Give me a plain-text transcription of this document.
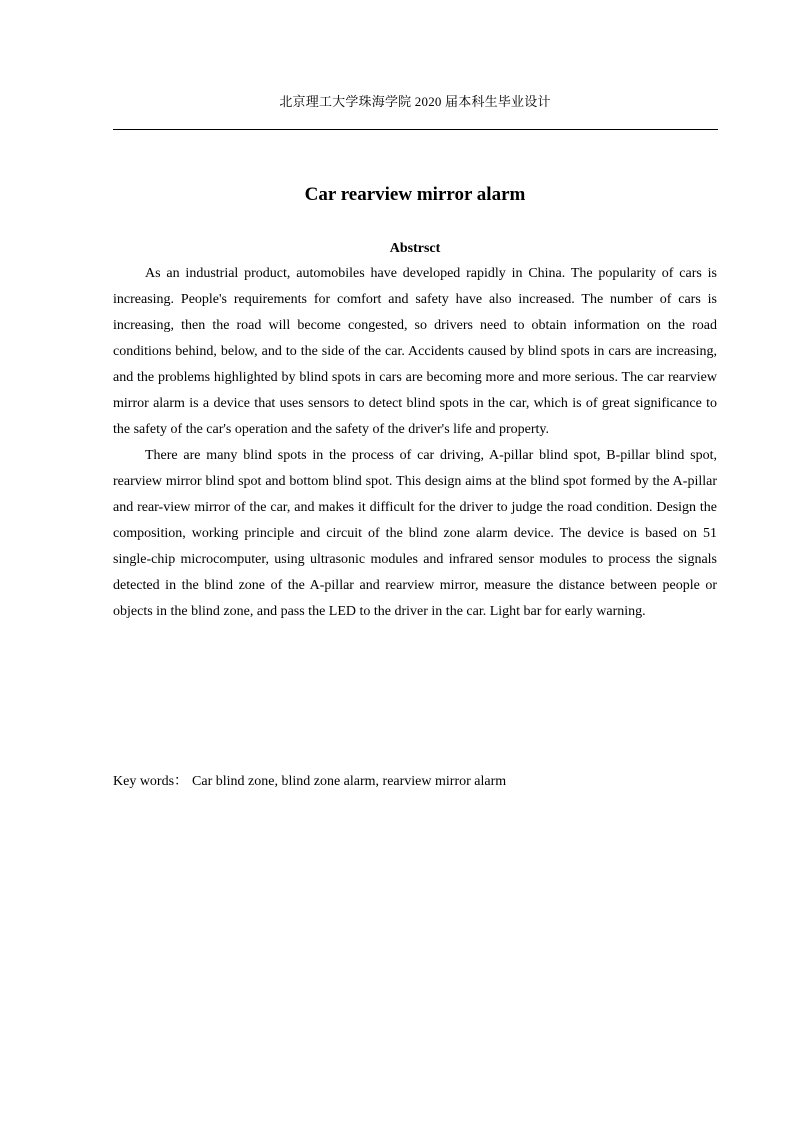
北京理工大学珠海学院 2020 届本科生毕业设计
Car rearview mirror alarm
Abstrsct

As an industrial product, automobiles have developed rapidly in China. The popularity of cars is increasing. People's requirements for comfort and safety have also increased. The number of cars is increasing, then the road will become congested, so drivers need to obtain information on the road conditions behind, below, and to the side of the car. Accidents caused by blind spots in cars are increasing, and the problems highlighted by blind spots in cars are becoming more and more serious. The car rearview mirror alarm is a device that uses sensors to detect blind spots in the car, which is of great significance to the safety of the car's operation and the safety of the driver's life and property.

There are many blind spots in the process of car driving, A-pillar blind spot, B-pillar blind spot, rearview mirror blind spot and bottom blind spot. This design aims at the blind spot formed by the A-pillar and rear-view mirror of the car, and makes it difficult for the driver to judge the road condition. Design the composition, working principle and circuit of the blind zone alarm device. The device is based on 51 single-chip microcomputer, using ultrasonic modules and infrared sensor modules to process the signals detected in the blind zone of the A-pillar and rearview mirror, measure the distance between people or objects in the blind zone, and pass the LED to the driver in the car. Light bar for early warning.

Key words： Car blind zone, blind zone alarm, rearview mirror alarm
